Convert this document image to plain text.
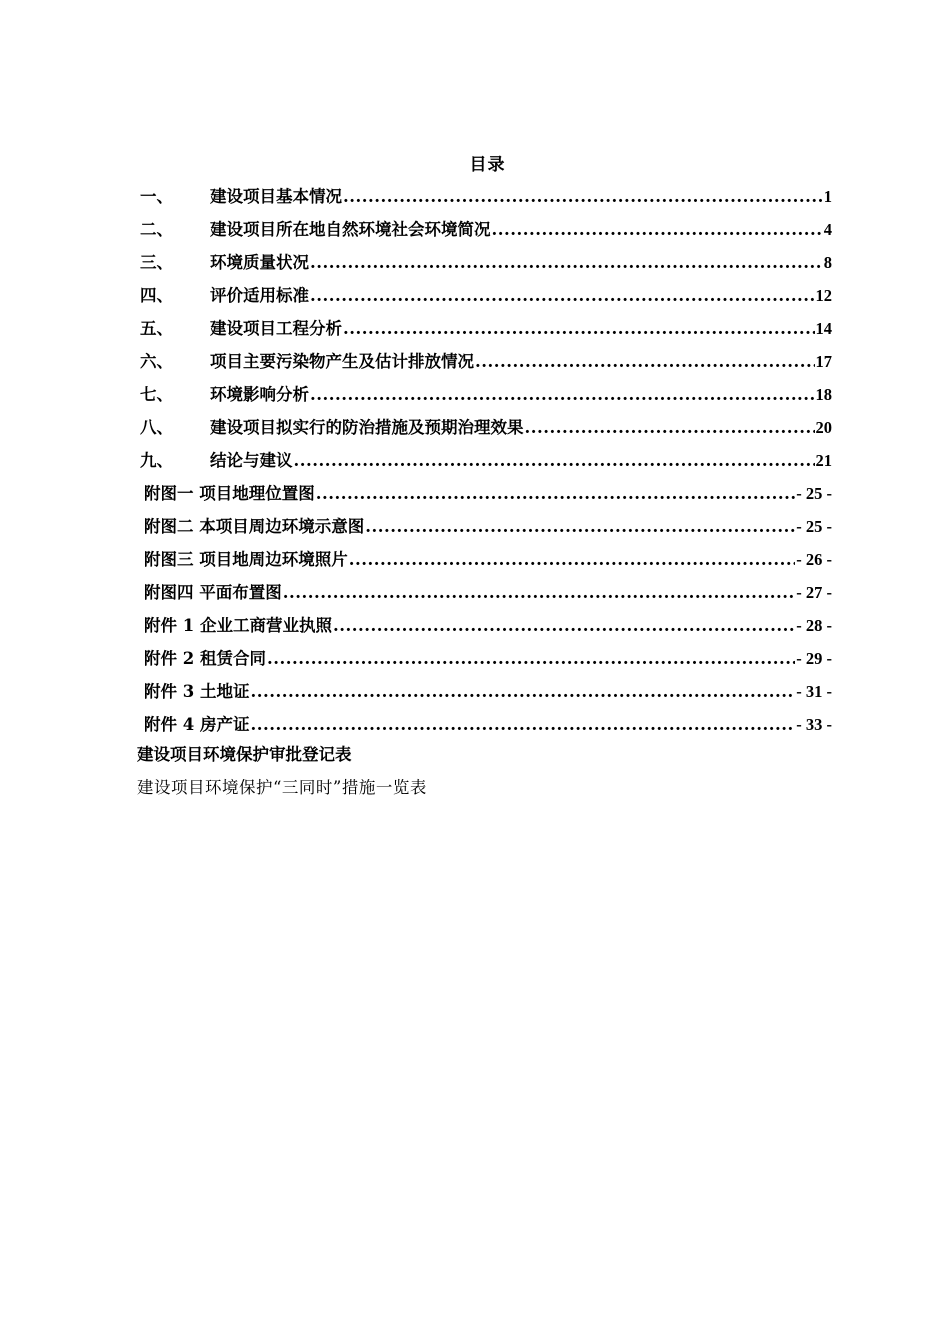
目录
一、	建设项目基本情况 .....	1
二、	建设项目所在地自然环境社会环境简况 .....	4
三、	环境质量状况 .....	8
四、	评价适用标准 .....	12
五、	建设项目工程分析 .....	14
六、	项目主要污染物产生及估计排放情况 .....	17
七、	环境影响分析 .....	18
八、	建设项目拟实行的防治措施及预期治理效果 .....	20
九、	结论与建议 .....	21
附图一 项目地理位置图 .....	- 25 -
附图二 本项目周边环境示意图 .....	- 25 -
附图三 项目地周边环境照片 .....	- 26 -
附图四 平面布置图 .....	- 27 -
附件 1 企业工商营业执照 .....	- 28 -
附件 2 租赁合同 .....	- 29 -
附件 3 土地证 .....	- 31 -
附件 4 房产证 .....	- 33 -
建设项目环境保护审批登记表
建设项目环境保护“三同时”措施一览表
